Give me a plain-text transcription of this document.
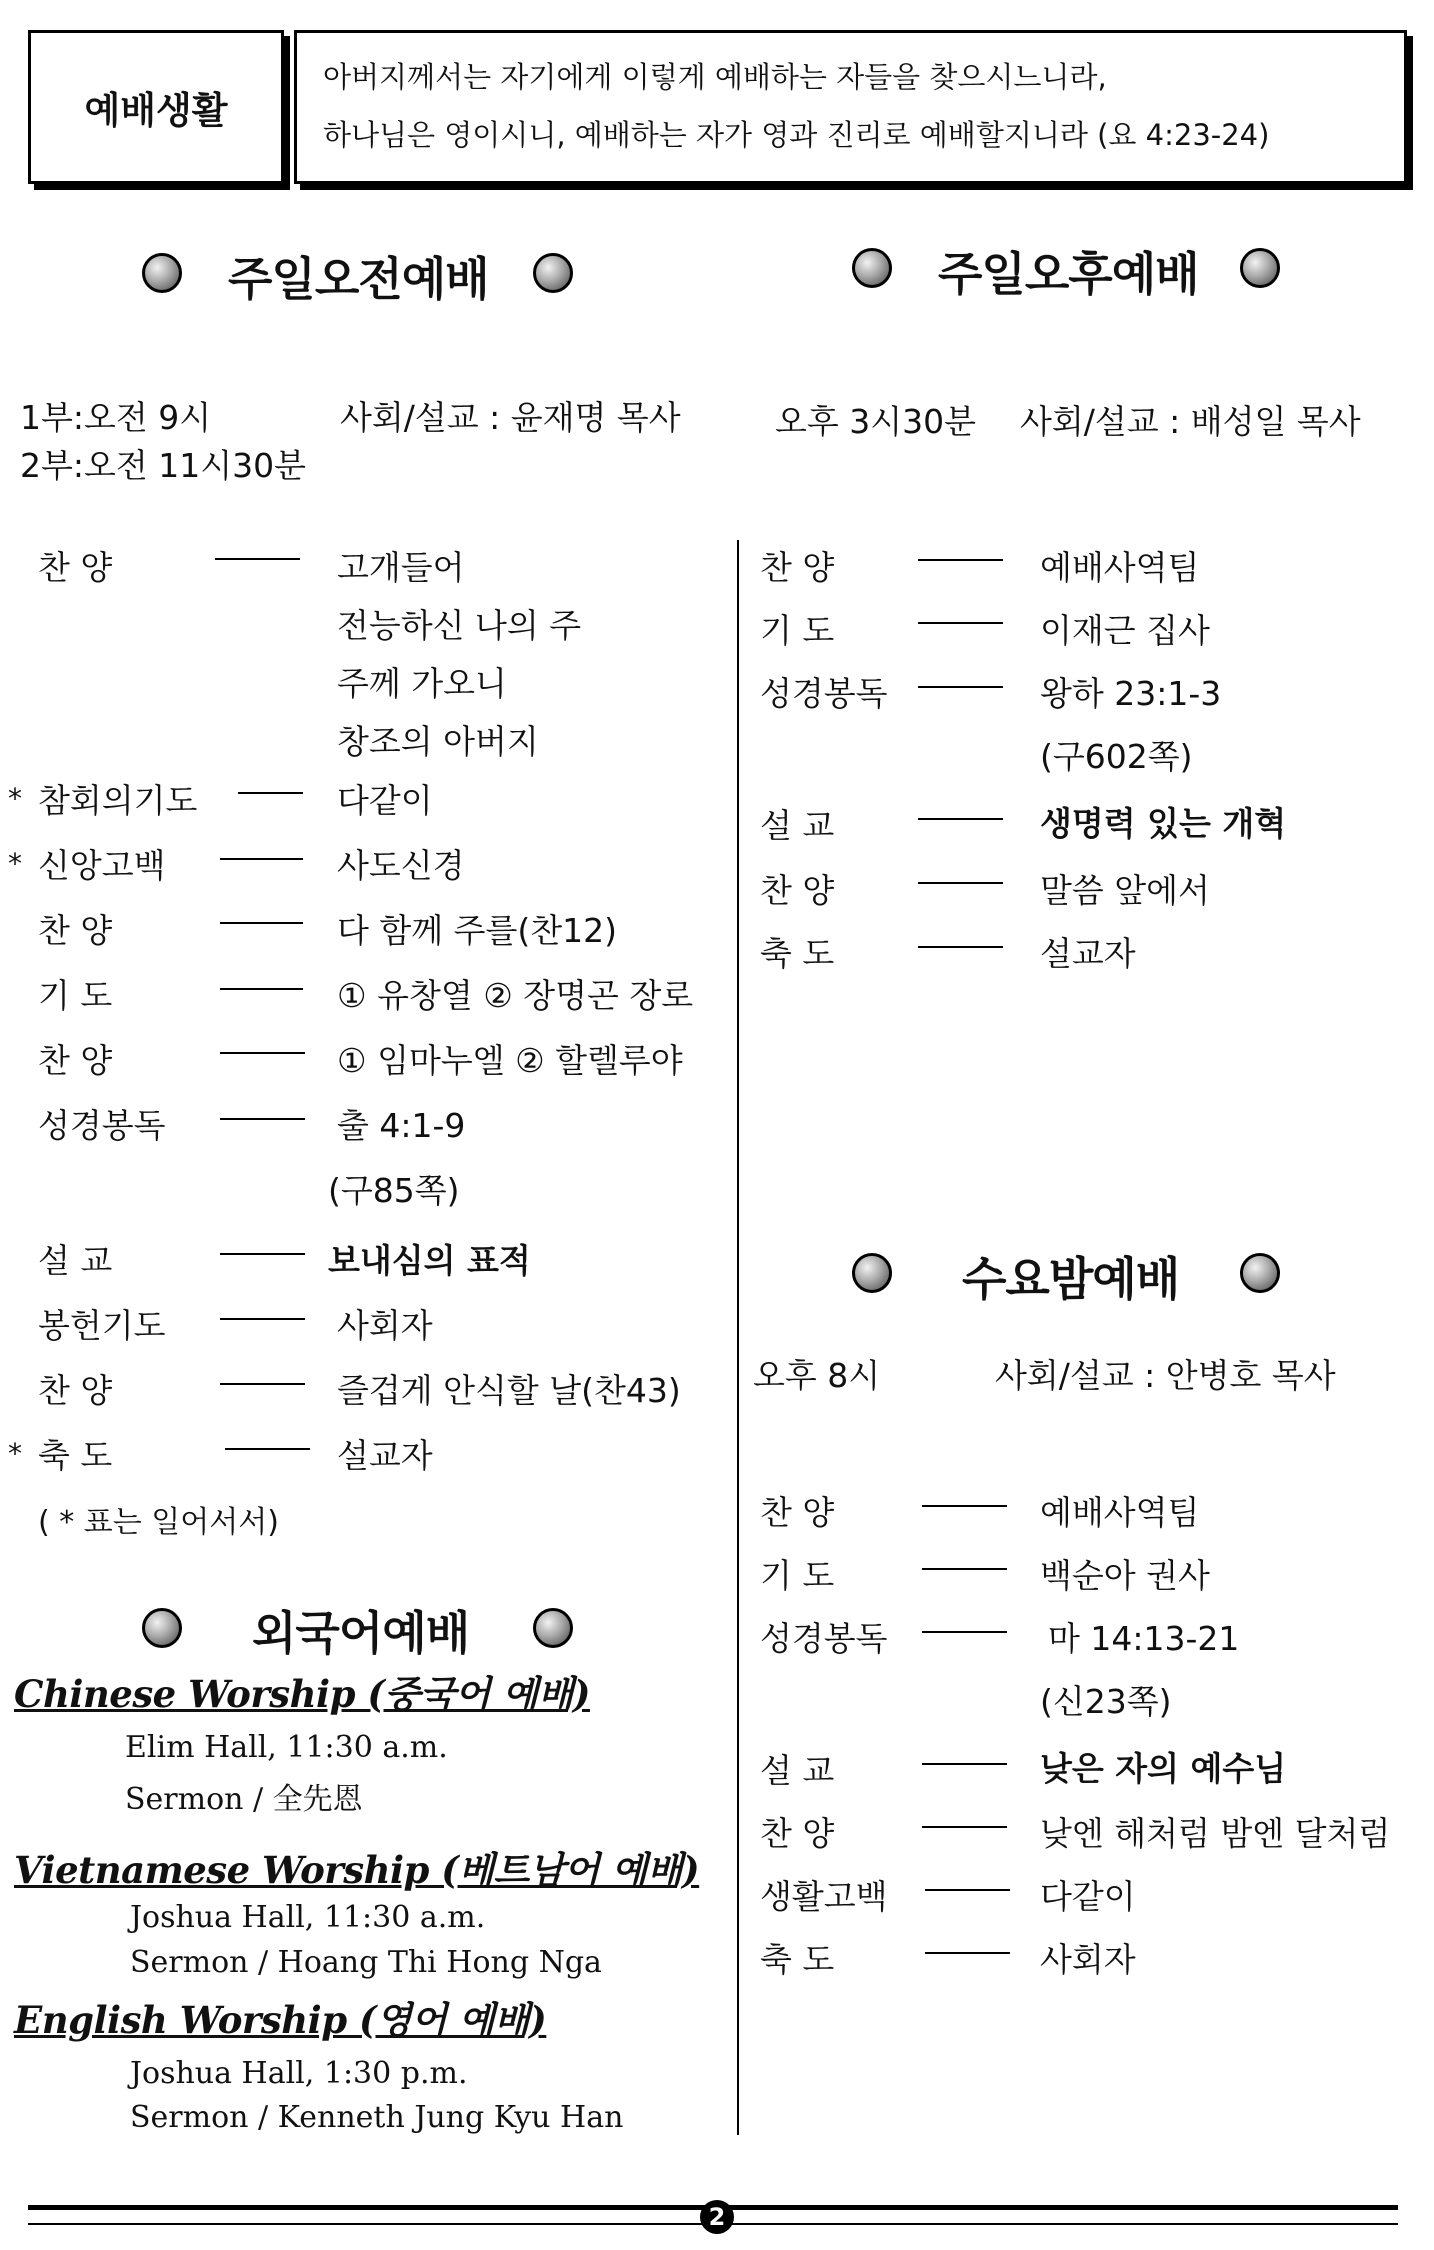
예배생활
아버지께서는 자기에게 이렇게 예배하는 자들을 찾으시느니라,
하나님은 영이시니, 예배하는 자가 영과 진리로 예배할지니라 (요 4:23-24)
주일오전예배	주일오후예배
1부:오전 9시
2부:오전 11시30분
사회/설교 : 윤재명 목사	오후 3시30분 사회/설교 : 배성일 목사
찬 양	고개들어
전능하신 나의 주
주께 가오니
창조의 아버지
* 참회의기도	다같이
* 신앙고백	사도신경
찬 양	다 함께 주를(찬12)
기 도	① 유창열 ② 장명곤 장로
찬 양	① 임마누엘 ② 할렐루야
성경봉독	출 4:1-9
(구85쪽)
설 교	보내심의 표적
봉헌기도	사회자
찬 양	즐겁게 안식할 날(찬43)
* 축 도	설교자
( * 표는 일어서서)
찬 양	예배사역팀
기 도	이재근 집사
성경봉독	왕하 23:1-3
(구602쪽)
설 교	생명력 있는 개혁
찬 양	말씀 앞에서
축 도	설교자
수요밤예배
오후 8시	사회/설교 : 안병호 목사
찬 양	예배사역팀
기 도	백순아 권사
성경봉독	마 14:13-21
(신23쪽)
설 교	낮은 자의 예수님
찬 양	낮엔 해처럼 밤엔 달처럼
생활고백	다같이
축 도	사회자
외국어예배
Chinese Worship (중국어 예배)
Elim Hall, 11:30 a.m.
Sermon / 全先恩
Vietnamese Worship (베트남어 예배)
Joshua Hall, 11:30 a.m.
Sermon / Hoang Thi Hong Nga
English Worship (영어 예배)
Joshua Hall, 1:30 p.m.
Sermon / Kenneth Jung Kyu Han
2
